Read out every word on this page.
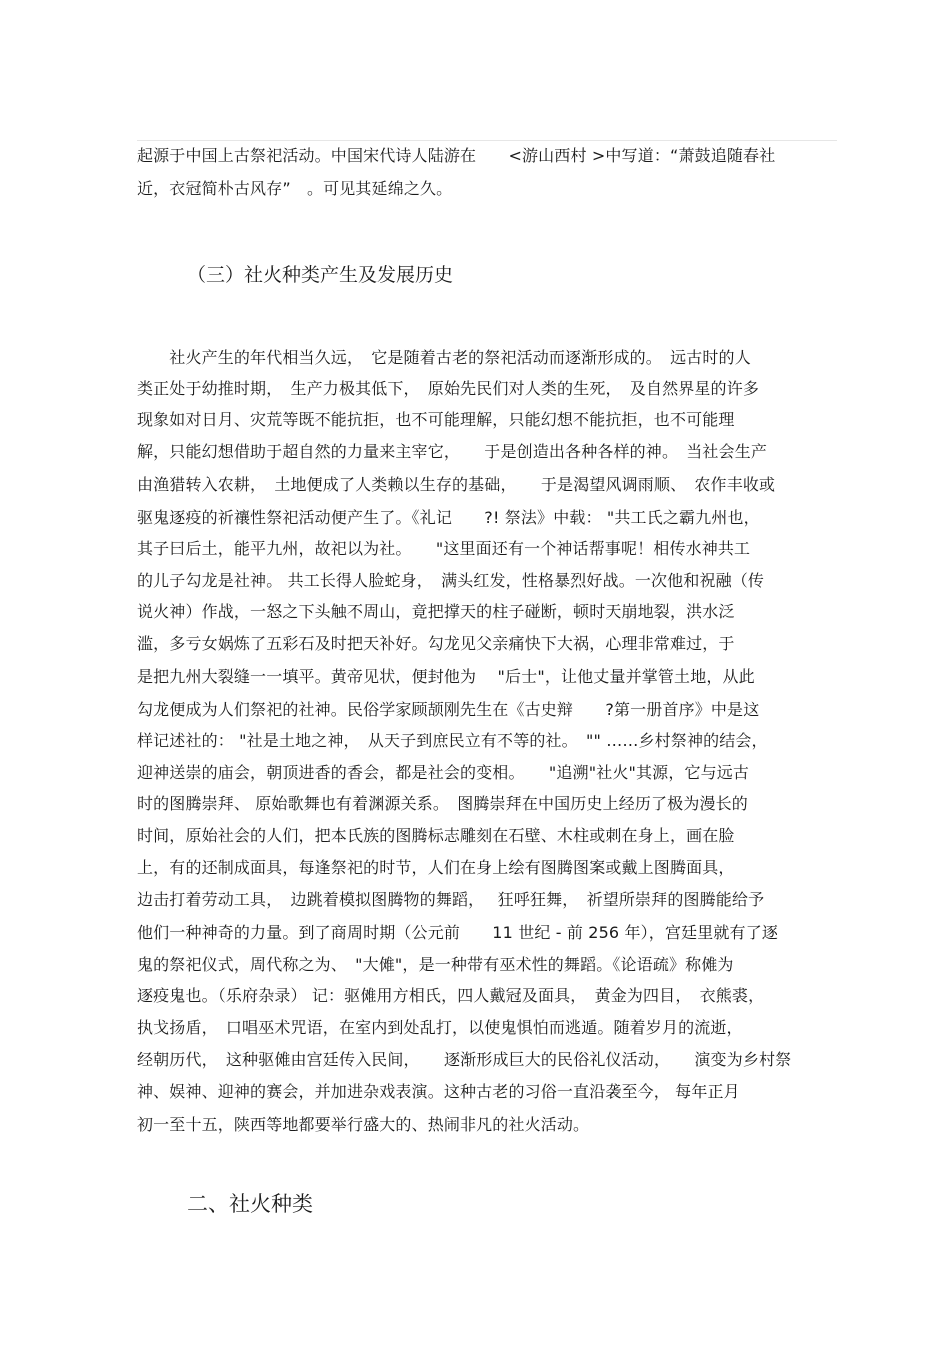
起源于中国上古祭祀活动。中国宋代诗人陆游在　　<游山西村 >中写道：“萧鼓追随春社
近，衣冠简朴古风存”　。可见其延绵之久。
（三）社火种类产生及发展历史
　　社火产生的年代相当久远，　它是随着古老的祭祀活动而逐渐形成的。　远古时的人
类正处于幼推时期，　生产力极其低下，　原始先民们对人类的生死，　及自然界星的许多
现象如对日月、灾荒等既不能抗拒，也不可能理解，只能幻想不能抗拒，也不可能理
解，只能幻想借助于超自然的力量来主宰它，　　于是创造出各种各样的神。　当社会生产
由渔猎转入农耕，　土地便成了人类赖以生存的基础，　　于是渴望风调雨顺、　农作丰收或
驱鬼逐疫的祈禳性祭祀活动便产生了。《礼记　　?! 祭法》中载： "共工氏之霸九州也，
其子曰后土，能平九州，故祀以为社。　　"这里面还有一个神话帮事呢！相传水神共工
的儿子勾龙是社神。 共工长得人脸蛇身，　满头红发，性格暴烈好战。一次他和祝融（传
说火神）作战，一怒之下头触不周山，竟把撑天的柱子碰断，顿时天崩地裂，洪水泛
滥，多亏女娲炼了五彩石及时把天补好。勾龙见父亲痛快下大祸，心理非常难过，于
是把九州大裂缝一一填平。黄帝见状，便封他为　 "后士"，让他丈量并掌管土地，从此
勾龙便成为人们祭祀的社神。民俗学家顾颉刚先生在《古史辩　　?第一册首序》中是这
样记述社的： "社是土地之神，　从天子到庶民立有不等的社。　"" ……乡村祭神的结会，
迎神送崇的庙会，朝顶进香的香会，都是社会的变相。　　"追溯"社火"其源，它与远古
时的图腾崇拜、 原始歌舞也有着渊源关系。　图腾崇拜在中国历史上经历了极为漫长的
时间，原始社会的人们，把本氏族的图腾标志雕刻在石壁、木柱或刺在身上，画在脸
上，有的还制成面具，每逢祭祀的时节，人们在身上绘有图腾图案或戴上图腾面具，
边击打着劳动工具，　边跳着模拟图腾物的舞蹈，　 狂呼狂舞，　祈望所崇拜的图腾能给予
他们一种神奇的力量。到了商周时期（公元前　　11 世纪 - 前 256 年），宫廷里就有了逐
鬼的祭祀仪式，周代称之为、　"大傩"，是一种带有巫术性的舞蹈。《论语疏》称傩为
逐疫鬼也。（乐府杂录） 记：驱傩用方相氏，四人戴冠及面具，　黄金为四目，　衣熊裘，
执戈扬盾，　口唱巫术咒语，在室内到处乱打，以使鬼惧怕而逃遁。随着岁月的流逝，
经朝历代，　这种驱傩由宫廷传入民间，　　逐渐形成巨大的民俗礼仪活动，　　演变为乡村祭
神、娱神、迎神的赛会，并加进杂戏表演。这种古老的习俗一直沿袭至今， 每年正月
初一至十五，陕西等地都要举行盛大的、热闹非凡的社火活动。
二、社火种类
